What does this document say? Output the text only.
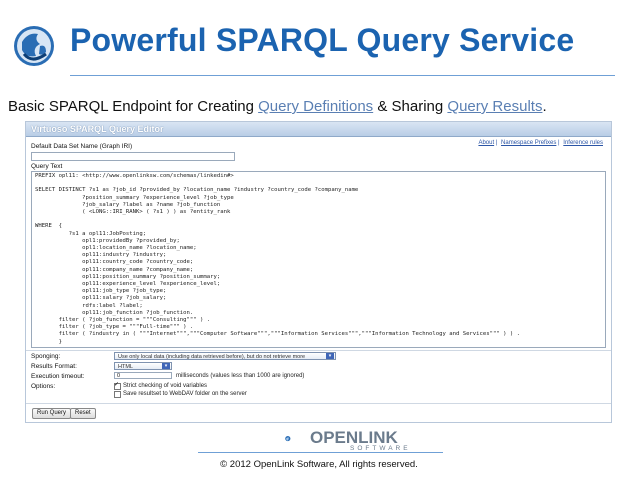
Powerful SPARQL Query Service
Basic SPARQL Endpoint for Creating Query Definitions & Sharing Query Results.
Virtuoso SPARQL Query Editor
About | Namespace Prefixes | Inference rules
Default Data Set Name (Graph IRI)
Query Text
PREFIX opl11: <http://www.openlinksw.com/schemas/linkedin#>

SELECT DISTINCT ?s1 as ?job_id ?provided_by ?location_name ?industry ?country_code ?company_name
?position_summary ?experience_level ?job_type
?job_salary ?label as ?name ?job_function
( <LONG::IRI_RANK> ( ?s1 ) ) as ?entity_rank

WHERE  {
?s1 a opl11:JobPosting;
opl1:providedBy ?provided_by;
opl1:location_name ?location_name;
opl11:industry ?industry;
opl11:country_code ?country_code;
opl11:company_name ?company_name;
opl11:position_summary ?position_summary;
opl11:experience_level ?experience_level;
opl11:job_type ?job_type;
opl11:salary ?job_salary;
rdfs:label ?label;
opl11:job_function ?job_function.
filter ( ?job_function = """Consulting""" ) .
filter ( ?job_type = """Full-time""" ) .
filter ( ?industry in ( """Internet""","""Computer Software""","""Information Services""","""Information Technology and Services""" ) ) .
}
Sponging:	Use only local data (including data retrieved before), but do not retrieve more	▾
Results Format:	HTML	▾
Execution timeout:	0	milliseconds (values less than 1000 are ignored)
Options:
✓	Strict checking of void variables
Save resultset to WebDAV folder on the server
Run Query	Reset
OPENLINK
SOFTWARE
© 2012 OpenLink Software, All rights reserved.
